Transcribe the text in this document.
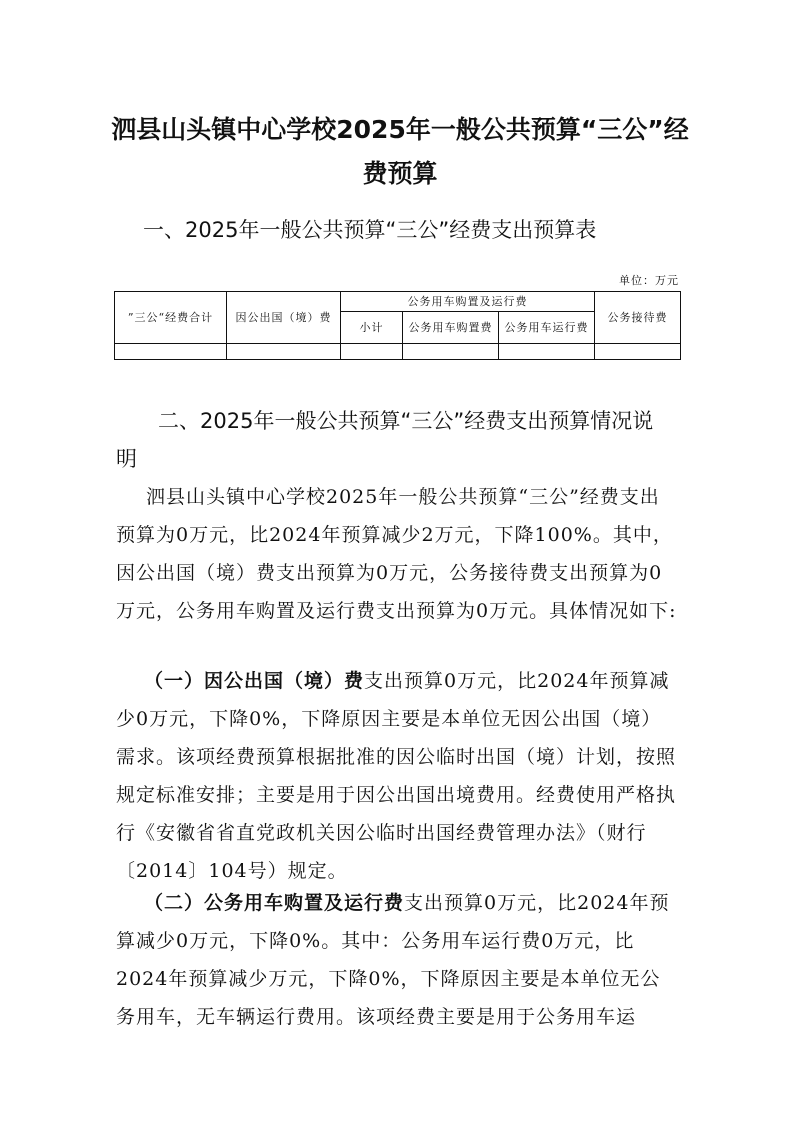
泗县山头镇中心学校2025年一般公共预算“三公”经费预算
一、2025年一般公共预算“三公”经费支出预算表
单位：万元
”三公“经费合计	因公出国（境）费	公务用车购置及运行费			公务接待费
		小计	公务用车购置费	公务用车运行费	

二、2025年一般公共预算“三公”经费支出预算情况说明
泗县山头镇中心学校2025年一般公共预算“三公”经费支出预算为0万元，比2024年预算减少2万元，下降100%。其中，因公出国（境）费支出预算为0万元，公务接待费支出预算为0万元，公务用车购置及运行费支出预算为0万元。具体情况如下:
（一）因公出国（境）费支出预算0万元，比2024年预算减少0万元，下降0%，下降原因主要是本单位无因公出国（境）需求。该项经费预算根据批准的因公临时出国（境）计划，按照规定标准安排；主要是用于因公出国出境费用。经费使用严格执行《安徽省省直党政机关因公临时出国经费管理办法》（财行〔2014〕104号）规定。
（二）公务用车购置及运行费支出预算0万元，比2024年预算减少0万元，下降0%。其中：公务用车运行费0万元，比2024年预算减少万元，下降0%，下降原因主要是本单位无公务用车，无车辆运行费用。该项经费主要是用于公务用车运
